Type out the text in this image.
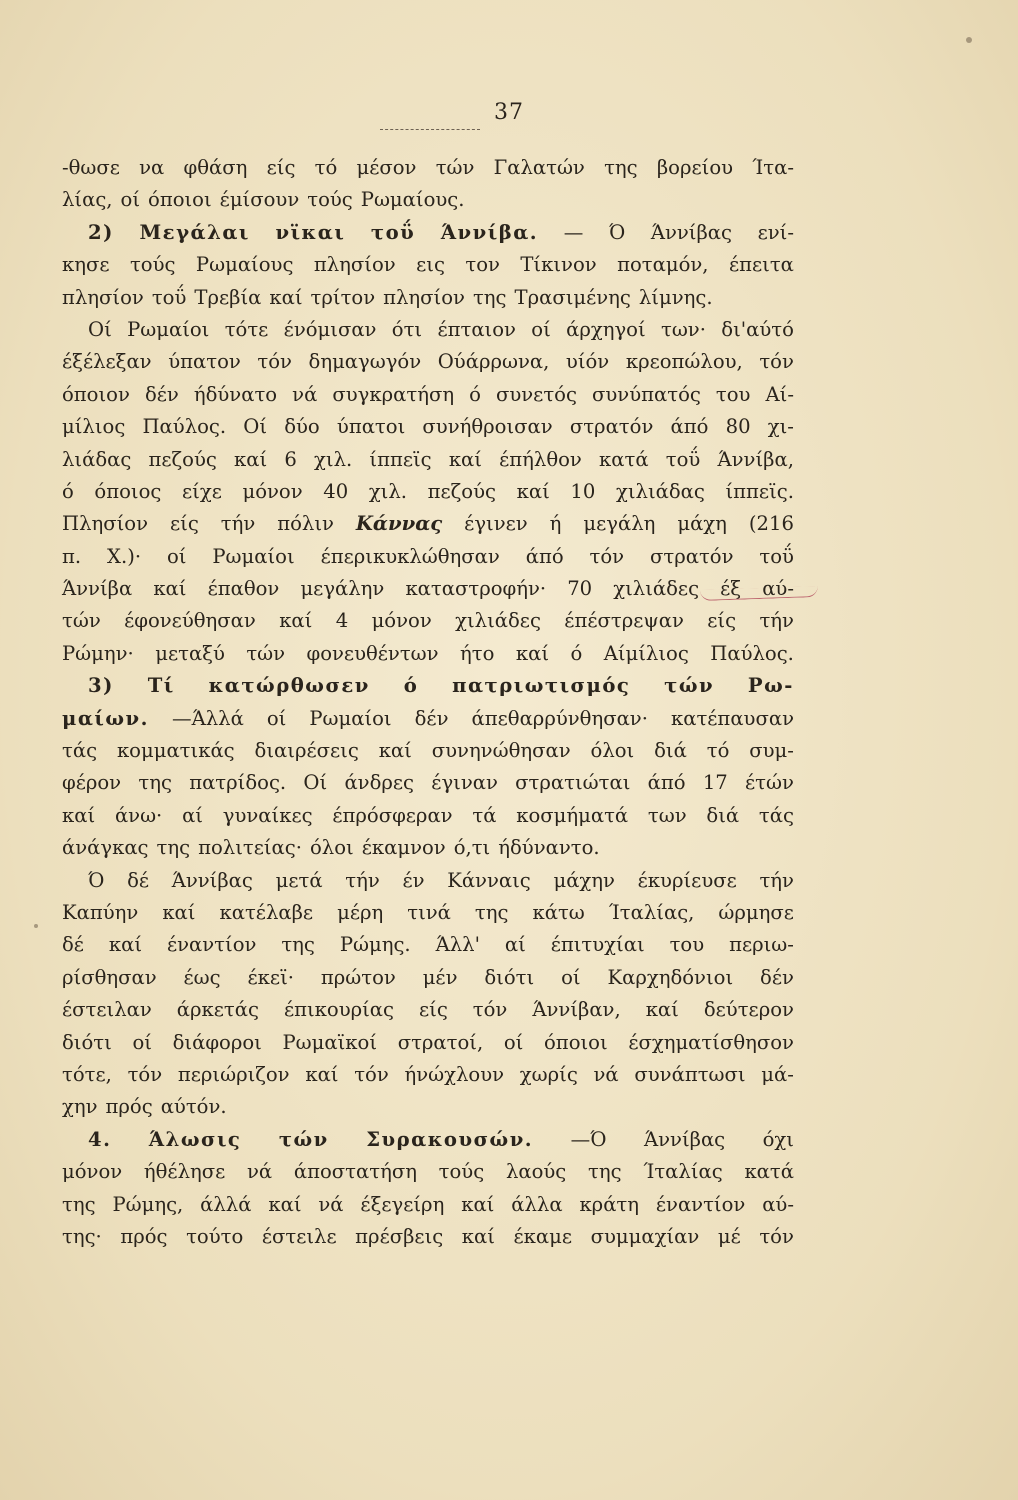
37
-θωσε να φθάση είς τό μέσον τών Γαλατών της βορείου Ίτα-
λίας, οί όποιοι έμίσουν τούς Ρωμαίους.
2) Μεγάλαι νϊκαι τοΰ Άννίβα. — Ό Άννίβας ενί-
κησε τούς Ρωμαίους πλησίον εις τον Τίκινον ποταμόν, έπειτα
πλησίον τοΰ Τρεβία καί τρίτον πλησίον της Τρασιμένης λίμνης.
Οί Ρωμαίοι τότε ένόμισαν ότι έπταιον οί άρχηγοί των· δι'αύτό
έξέλεξαν ύπατον τόν δημαγωγόν Ούάρρωνα, υίόν κρεοπώλου, τόν
όποιον δέν ήδύνατο νά συγκρατήση ό συνετός συνύπατός του Αί-
μίλιος Παύλος. Οί δύο ύπατοι συνήθροισαν στρατόν άπό 80 χι-
λιάδας πεζούς καί 6 χιλ. ίππεϊς καί έπήλθον κατά τοΰ Άννίβα,
ό όποιος είχε μόνον 40 χιλ. πεζούς καί 10 χιλιάδας ίππεϊς.
Πλησίον είς τήν πόλιν Κάννας έγινεν ή μεγάλη μάχη (216
π. Χ.)· οί Ρωμαίοι έπερικυκλώθησαν άπό τόν στρατόν τοΰ
Άννίβα καί έπαθον μεγάλην καταστροφήν· 70 χιλιάδες έξ αύ-
τών έφονεύθησαν καί 4 μόνον χιλιάδες έπέστρεψαν είς τήν
Ρώμην· μεταξύ τών φονευθέντων ήτο καί ό Αίμίλιος Παύλος.
3) Τί κατώρθωσεν ό πατριωτισμός τών Ρω-
μαίων. —Άλλά οί Ρωμαίοι δέν άπεθαρρύνθησαν· κατέπαυσαν
τάς κομματικάς διαιρέσεις καί συνηνώθησαν όλοι διά τό συμ-
φέρον της πατρίδος. Οί άνδρες έγιναν στρατιώται άπό 17 έτών
καί άνω· αί γυναίκες έπρόσφεραν τά κοσμήματά των διά τάς
άνάγκας της πολιτείας· όλοι έκαμνον ό,τι ήδύναντο.
Ό δέ Άννίβας μετά τήν έν Κάνναις μάχην έκυρίευσε τήν
Καπύην καί κατέλαβε μέρη τινά της κάτω Ίταλίας, ώρμησε
δέ καί έναντίον της Ρώμης. Άλλ' αί έπιτυχίαι του περιω-
ρίσθησαν έως έκεϊ· πρώτον μέν διότι οί Καρχηδόνιοι δέν
έστειλαν άρκετάς έπικουρίας είς τόν Άννίβαν, καί δεύτερον
διότι οί διάφοροι Ρωμαϊκοί στρατοί, οί όποιοι έσχηματίσθησον
τότε, τόν περιώριζον καί τόν ήνώχλουν χωρίς νά συνάπτωσι μά-
χην πρός αύτόν.
4. Άλωσις τών Συρακουσών. —Ό Άννίβας όχι
μόνον ήθέλησε νά άποστατήση τούς λαούς της Ίταλίας κατά
της Ρώμης, άλλά καί νά έξεγείρη καί άλλα κράτη έναντίον αύ-
της· πρός τούτο έστειλε πρέσβεις καί έκαμε συμμαχίαν μέ τόν
